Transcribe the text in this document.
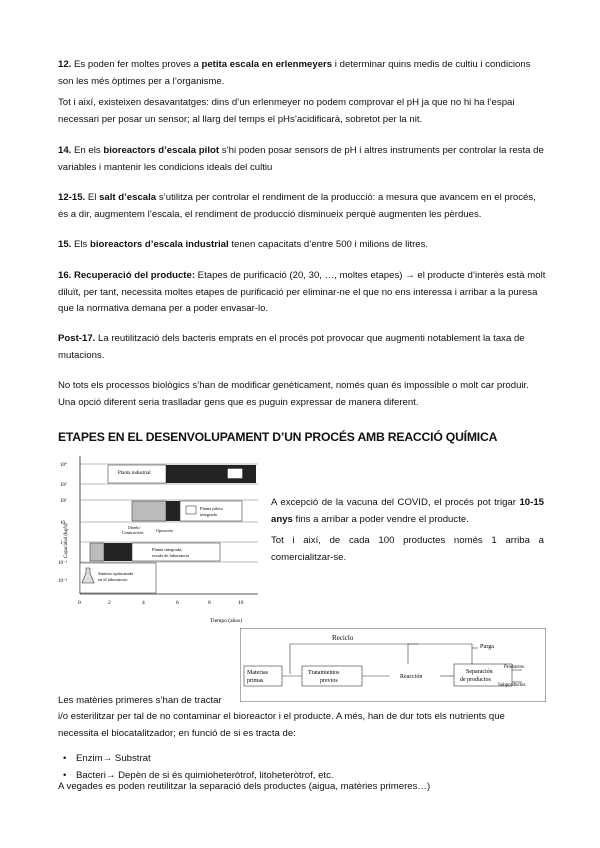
12. Es poden fer moltes proves a petita escala en erlenmeyers i determinar quins medis de cultiu i condicions son les més òptimes per a l’organisme.

Tot i així, existeixen desavantatges: dins d’un erlenmeyer no podem comprovar el pH ja que no hi ha l’espai necessari per posar un sensor; al llarg del temps el pHs’acidificarà, sobretot per la nit.

14. En els bioreactors d’escala pilot s’hi poden posar sensors de pH i altres instruments per controlar la resta de variables i mantenir les condicions ideals del cultiu

12-15. El salt d’escala s’utilitza per controlar el rendiment de la producció: a mesura que avancem en el procés, és a dir, augmentem l’escala, el rendiment de producció disminueix perquè augmenten les pèrdues.

15. Els bioreactors d’escala industrial tenen capacitats d’entre 500 i milions de litres.

16. Recuperació del producte: Etapes de purificació (20, 30, …, moltes etapes) → el producte d’interès està molt diluït, per tant, necessita moltes etapes de purificació per eliminar-ne el que no ens interessa i arribar a la puresa que la normativa demana per a poder envasar-lo.

Post-17. La reutilització dels bacteris emprats en el procés pot provocar que augmenti notablement la taxa de mutacions.

No tots els processos biològics s’han de modificar genèticament, només quan és impossible o molt car produir. Una opció diferent seria traslladar gens que es puguin expressar de manera diferent.

ETAPES EN EL DESENVOLUPAMENT D’UN PROCÉS AMB REACCIÓ QUÍMICA
10⁴
10³
10²
10
1
10⁻¹
10⁻²
Capacidad (kg/h)
0	2	4	6	8	10
Tiempo (años)
Planta industrial
Planta piloto
integrada
Diseño/
Construcción	Operación
Planta integrada,
escala de laboratorio
Síntesis optimizada
en el laboratorio

A excepció de la vacuna del COVID, el procés pot trigar 10-15 anys fins a arribar a poder vendre el producte.

Tot i així, de cada 100 productes només 1 arriba a comercialitzar-se.

Reciclo
Purga
Materias
primas
Tratamientos
previos
Reacción
Separación
de productos
Productos
Subproductos

Les matèries primeres s’han de tractar

i/o esterilitzar per tal de no contaminar el bioreactor i el producte. A més, han de dur tots els nutrients que necessita el biocatalitzador; en funció de si es tracta de:

• Enzim→ Substrat
• Bacteri→ Depèn de si és quimioheteròtrof, litoheteròtrof, etc.

A vegades es poden reutilitzar la separació dels productes (aigua, matèries primeres…)
